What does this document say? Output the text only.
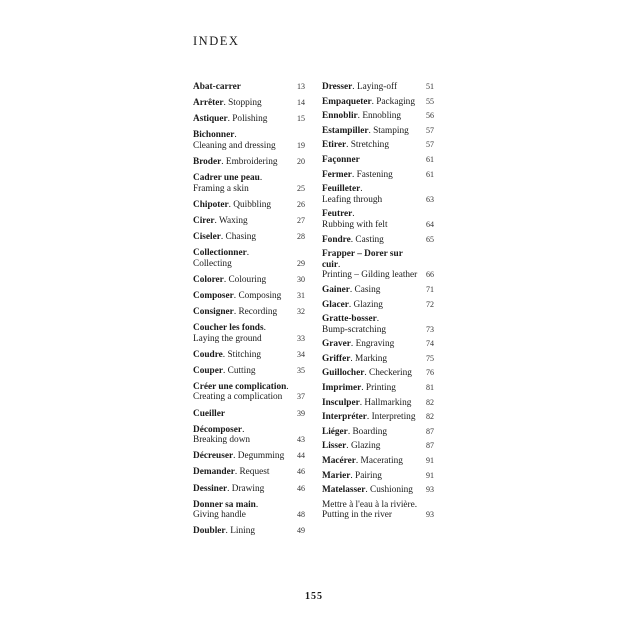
INDEX
Abat-carrer	13
Arrêter. Stopping	14
Astiquer. Polishing	15
Bichonner.
Cleaning and dressing	19
Broder. Embroidering 20
Cadrer une peau.
Framing a skin	25
Chipoter. Quibbling	26
Cirer. Waxing	27
Ciseler. Chasing	28
Collectionner.
Collecting	29
Colorer. Colouring	30
Composer. Composing 31
Consigner. Recording 32
Coucher les fonds.
Laying the ground	33
Coudre. Stitching	34
Couper. Cutting	35
Créer une complication.
Creating a complication 37
Cueiller	39
Décomposer.
Breaking down	43
Décreuser. Degumming 44
Demander. Request	46
Dessiner. Drawing	46
Donner sa main.
Giving handle	48
Doubler. Lining	49
Dresser. Laying-off	51
Empaqueter. Packaging 55
Ennoblir. Ennobling	56
Estampiller. Stamping 57
Etirer. Stretching	57
Façonner	61
Fermer. Fastening	61
Feuilleter.
Leafing through	63
Feutrer.
Rubbing with felt	64
Fondre. Casting	65
Frapper – Dorer sur cuir.
Printing – Gilding leather 66
Gainer. Casing	71
Glacer. Glazing	72
Gratte-bosser.
Bump-scratching	73
Graver. Engraving	74
Griffer. Marking	75
Guillocher. Checkering 76
Imprimer. Printing	81
Insculper. Hallmarking 82
Interpréter. Interpreting 82
Liéger. Boarding	87
Lisser. Glazing	87
Macérer. Macerating	91
Marier. Pairing	91
Matelasser. Cushioning 93
Mettre à l'eau à la rivière.
Putting in the river	93
155
